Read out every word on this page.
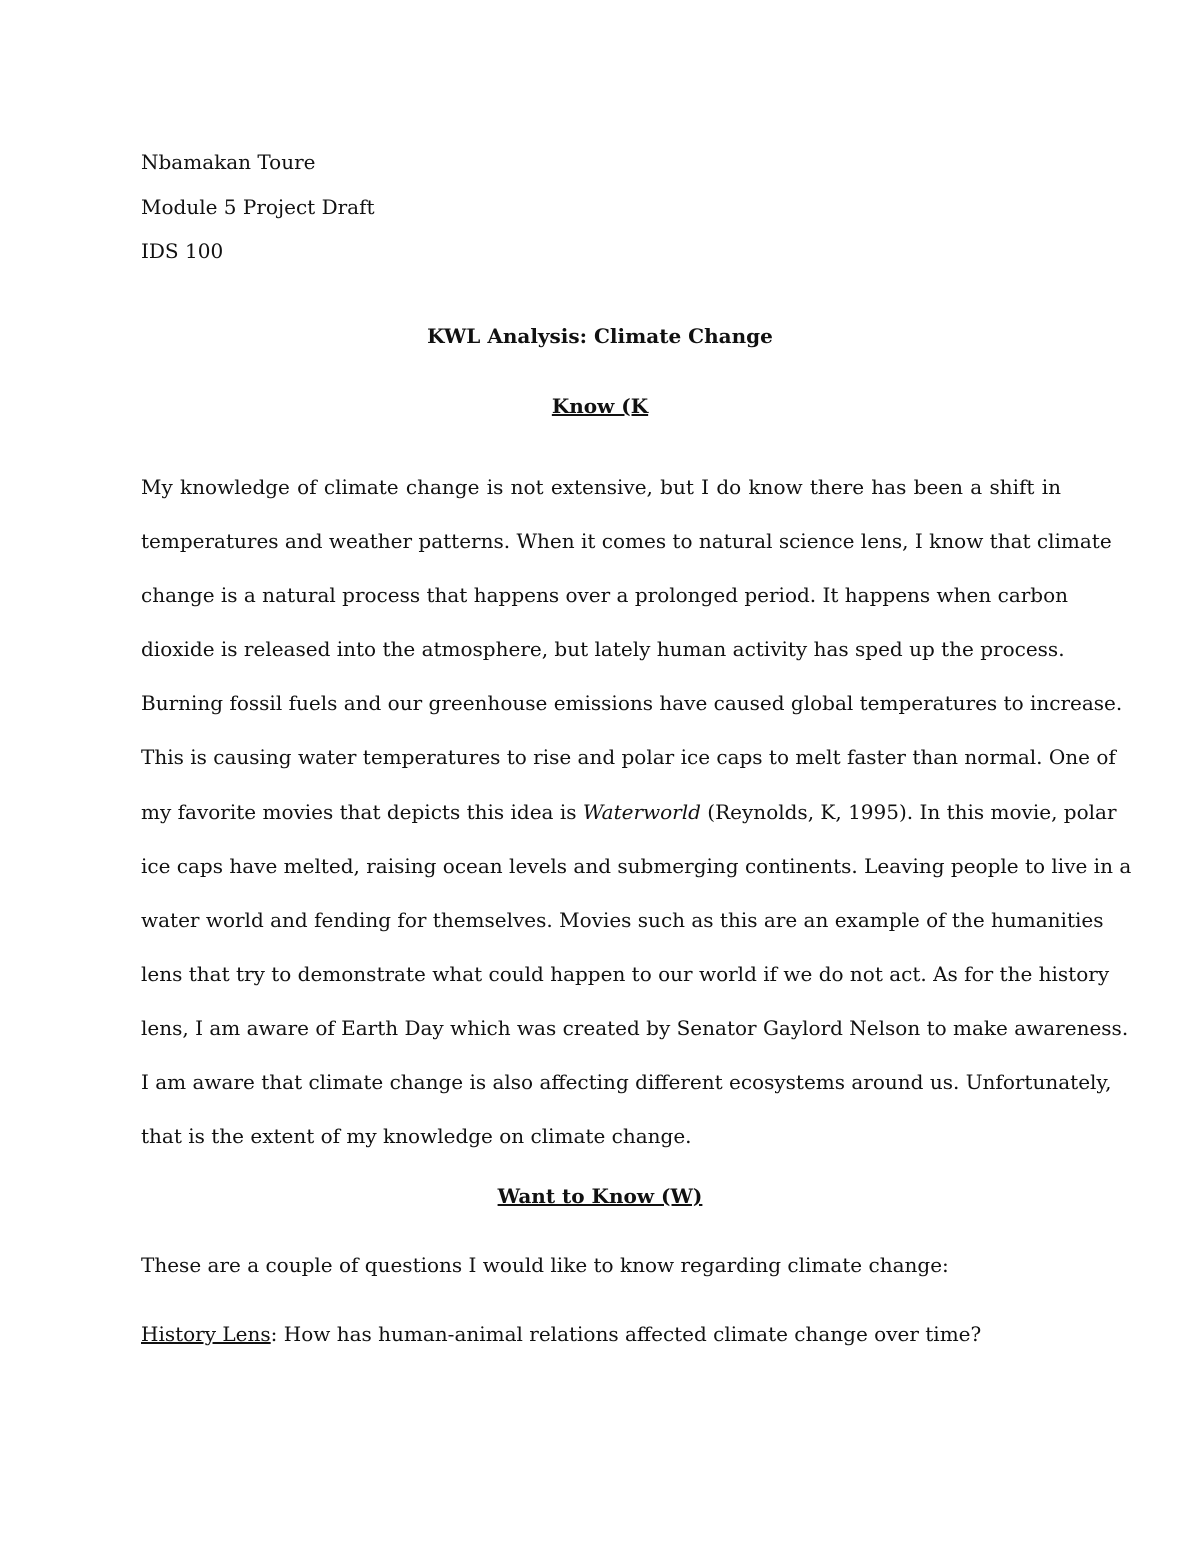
Nbamakan Toure
Module 5 Project Draft
IDS 100
KWL Analysis: Climate Change
Know (K
My knowledge of climate change is not extensive, but I do know there has been a shift in
temperatures and weather patterns. When it comes to natural science lens, I know that climate
change is a natural process that happens over a prolonged period. It happens when carbon
dioxide is released into the atmosphere, but lately human activity has sped up the process.
Burning fossil fuels and our greenhouse emissions have caused global temperatures to increase.
This is causing water temperatures to rise and polar ice caps to melt faster than normal. One of
my favorite movies that depicts this idea is Waterworld (Reynolds, K, 1995). In this movie, polar
ice caps have melted, raising ocean levels and submerging continents. Leaving people to live in a
water world and fending for themselves. Movies such as this are an example of the humanities
lens that try to demonstrate what could happen to our world if we do not act. As for the history
lens, I am aware of Earth Day which was created by Senator Gaylord Nelson to make awareness.
I am aware that climate change is also affecting different ecosystems around us. Unfortunately,
that is the extent of my knowledge on climate change.
Want to Know (W)
These are a couple of questions I would like to know regarding climate change:
History Lens: How has human-animal relations affected climate change over time?
